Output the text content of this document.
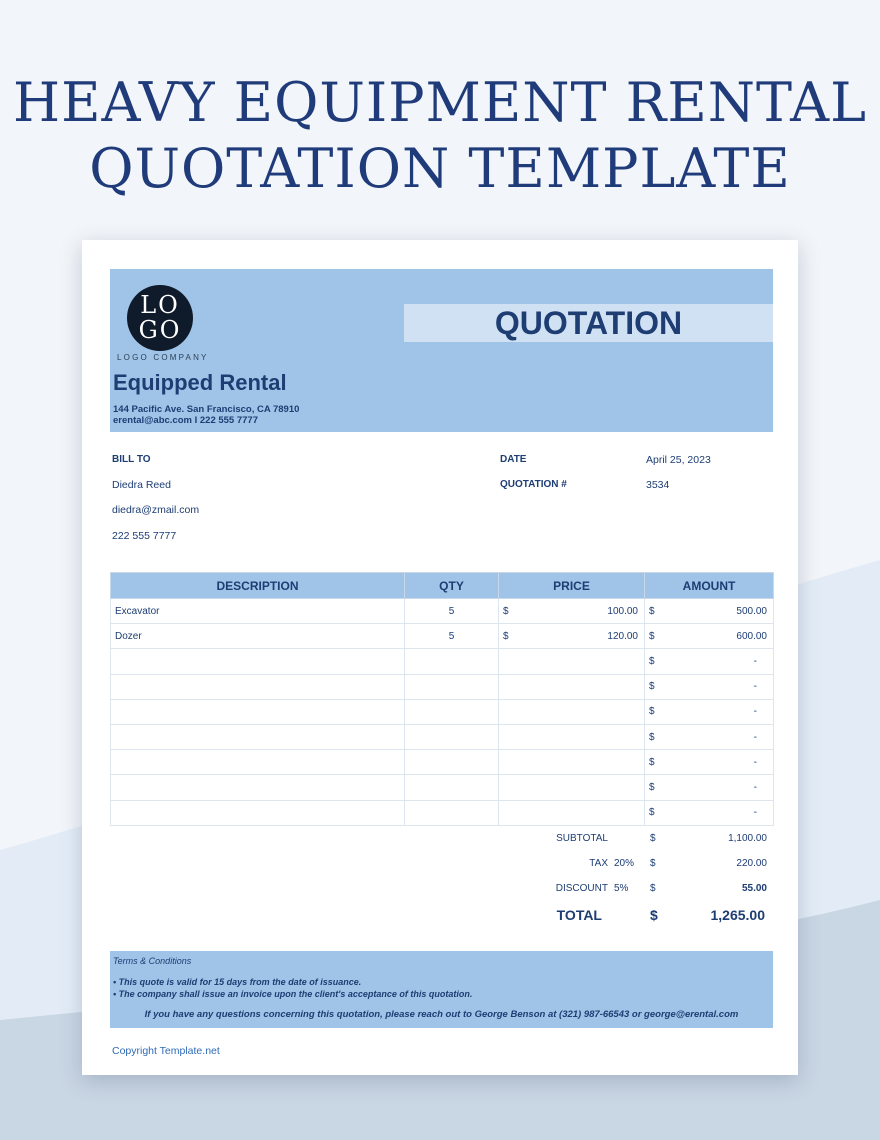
HEAVY EQUIPMENT RENTAL
QUOTATION TEMPLATE
LO
GO
LOGO COMPANY
Equipped Rental
144 Pacific Ave. San Francisco, CA 78910
erental@abc.com I 222 555 7777
QUOTATION
BILL TO
Diedra Reed
diedra@zmail.com
222 555 7777
DATE	April 25, 2023
QUOTATION #	3534
DESCRIPTION	QTY	PRICE	AMOUNT
Excavator	5	$ 100.00	$ 500.00

Dozer	5	$ 120.00	$ 600.00

			$ -

			$ -

			$ -

			$ -

			$ -

			$ -

			$ -
SUBTOTAL	$	1,100.00
TAX 20% $	220.00
DISCOUNT 5% $	55.00
TOTAL	$	1,265.00
Terms & Conditions
• This quote is valid for 15 days from the date of issuance.
• The company shall issue an invoice upon the client's acceptance of this quotation.
If you have any questions concerning this quotation, please reach out to George Benson at (321) 987-66543 or george@erental.com
Copyright Template.net
